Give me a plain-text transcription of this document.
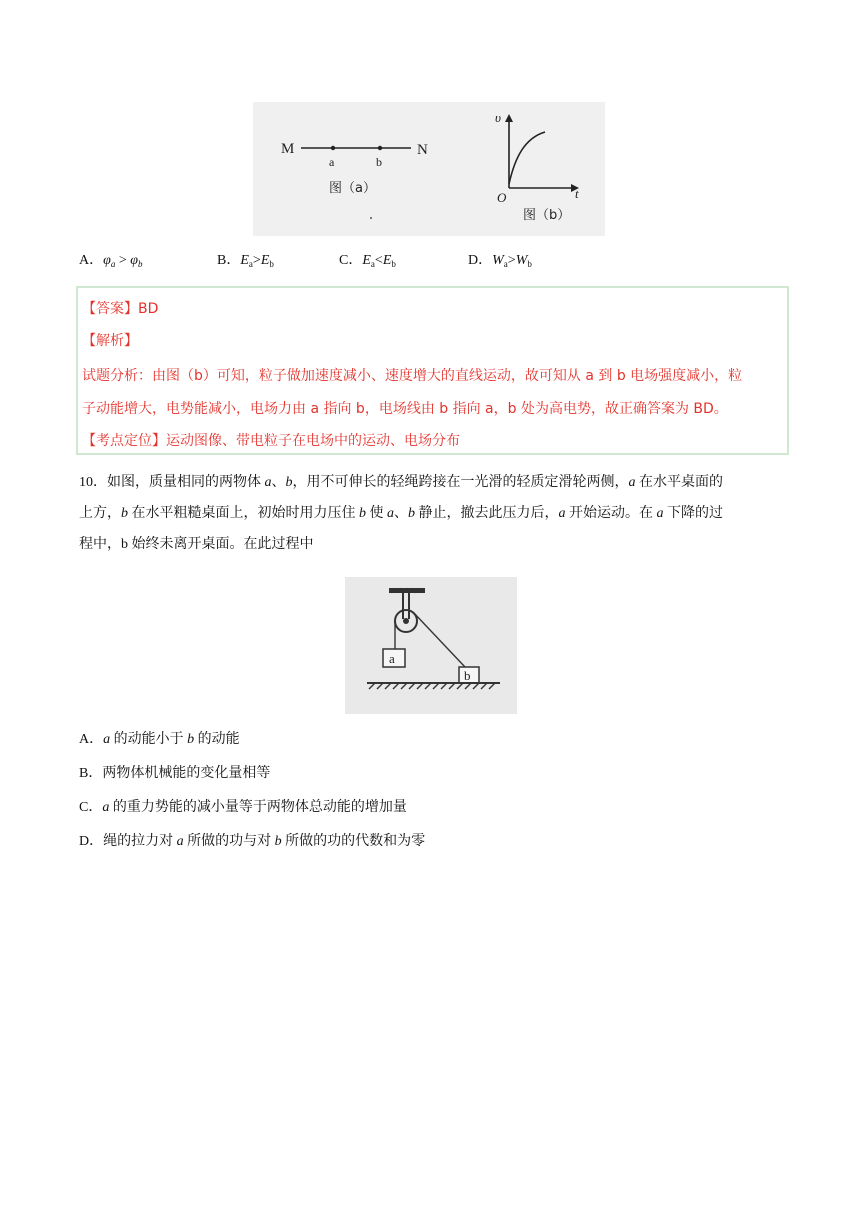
M
a	b
N
图（a）
υ
t
O
图（b）
A．$\varphi_a > \varphi_b$	B．$E_a>E_b$	C．$E_a<E_b$	D．$W_a>W_b$
【答案】BD
【解析】
试题分析：由图（b）可知，粒子做加速度减小、速度增大的直线运动，故可知从 a 到 b 电场强度减小，粒
子动能增大，电势能减小，电场力由 a 指向 b，电场线由 b 指向 a，b 处为高电势，故正确答案为 BD。
【考点定位】运动图像、带电粒子在电场中的运动、电场分布
10．如图，质量相同的两物体 a、b，用不可伸长的轻绳跨接在一光滑的轻质定滑轮两侧，a 在水平桌面的
上方，b 在水平粗糙桌面上，初始时用力压住 b 使 a、b 静止，撤去此压力后，a 开始运动。在 a 下降的过
程中，b 始终未离开桌面。在此过程中
a
b
A．a 的动能小于 b 的动能
B．两物体机械能的变化量相等
C．a 的重力势能的减小量等于两物体总动能的增加量
D．绳的拉力对 a 所做的功与对 b 所做的功的代数和为零
